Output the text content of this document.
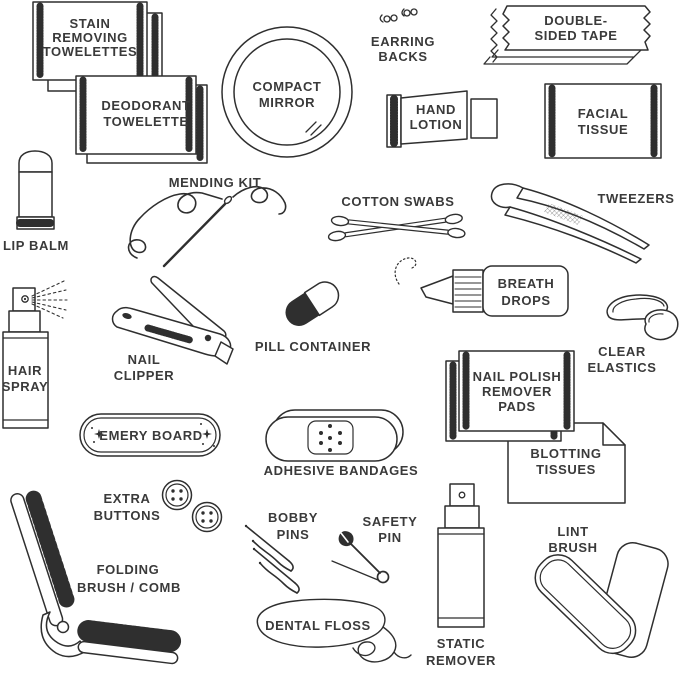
STAIN
REMOVING
TOWELETTES
DEODORANT
TOWELETTE
COMPACT
MIRROR
EARRING
BACKS
DOUBLE-
SIDED TAPE
HAND
LOTION
FACIAL
TISSUE
LIP BALM
MENDING KIT
COTTON SWABS	TWEEZERS
HAIR
SPRAY
NAIL
CLIPPER
PILL CONTAINER
BREATH
DROPS
CLEAR
ELASTICS
BLOTTING
TISSUES
NAIL POLISH
REMOVER
PADS
EMERY BOARD
ADHESIVE BANDAGES
EXTRA
BUTTONS
FOLDING
BRUSH / COMB
BOBBY
PINS
SAFETY
PIN
DENTAL FLOSS
STATIC
REMOVER
LINT
BRUSH
